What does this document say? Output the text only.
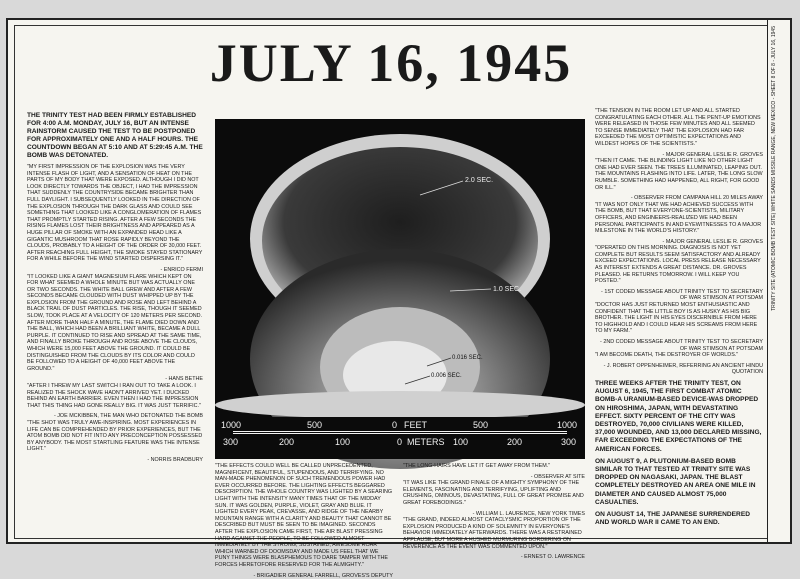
JULY 16, 1945

THE TRINITY TEST HAD BEEN FIRMLY ESTABLISHED FOR 4:00 A.M. MONDAY, JULY 16, BUT AN INTENSE RAINSTORM CAUSED THE TEST TO BE POSTPONED FOR APPROXIMATELY ONE AND A HALF HOURS. THE COUNTDOWN BEGAN AT 5:10 AND AT 5:29:45 A.M. THE BOMB WAS DETONATED.

"MY FIRST IMPRESSION OF THE EXPLOSION WAS THE VERY INTENSE FLASH OF LIGHT, AND A SENSATION OF HEAT ON THE PARTS OF MY BODY THAT WERE EXPOSED. ALTHOUGH I DID NOT LOOK DIRECTLY TOWARDS THE OBJECT, I HAD THE IMPRESSION THAT SUDDENLY THE COUNTRYSIDE BECAME BRIGHTER THAN FULL DAYLIGHT. I SUBSEQUENTLY LOOKED IN THE DIRECTION OF THE EXPLOSION THROUGH THE DARK GLASS AND COULD SEE SOMETHING THAT LOOKED LIKE A CONGLOMERATION OF FLAMES THAT PROMPTLY STARTED RISING. AFTER A FEW SECONDS THE RISING FLAMES LOST THEIR BRIGHTNESS AND APPEARED AS A HUGE PILLAR OF SMOKE WITH AN EXPANDED HEAD LIKE A GIGANTIC MUSHROOM THAT ROSE RAPIDLY BEYOND THE CLOUDS, PROBABLY TO A HEIGHT OF THE ORDER OF 30,000 FEET. AFTER REACHING FULL HEIGHT, THE SMOKE STAYED STATIONARY FOR A WHILE BEFORE THE WIND STARTED DISPERSING IT."

- ENRICO FERMI

"IT LOOKED LIKE A GIANT MAGNESIUM FLARE WHICH KEPT ON FOR WHAT SEEMED A WHOLE MINUTE BUT WAS ACTUALLY ONE OR TWO SECONDS. THE WHITE BALL GREW AND AFTER A FEW SECONDS BECAME CLOUDED WITH DUST WHIPPED UP BY THE EXPLOSION FROM THE GROUND AND ROSE AND LEFT BEHIND A BLACK TRAIL OF DUST PARTICLES. THE RISE, THOUGH IT SEEMED SLOW, TOOK PLACE AT A VELOCITY OF 120 METERS PER SECOND. AFTER MORE THAN HALF A MINUTE, THE FLAME DIED DOWN AND THE BALL, WHICH HAD BEEN A BRILLIANT WHITE, BECAME A DULL PURPLE. IT CONTINUED TO RISE AND SPREAD AT THE SAME TIME, AND FINALLY BROKE THROUGH AND ROSE ABOVE THE CLOUDS, WHICH WERE 15,000 FEET ABOVE THE GROUND. IT COULD BE DISTINGUISHED FROM THE CLOUDS BY ITS COLOR AND COULD BE FOLLOWED TO A HEIGHT OF 40,000 FEET ABOVE THE GROUND."

- HANS BETHE

"AFTER I THREW MY LAST SWITCH I RAN OUT TO TAKE A LOOK. I REALIZED THE SHOCK WAVE HADN'T ARRIVED YET. I DUCKED BEHIND AN EARTH BARRIER. EVEN THEN I HAD THE IMPRESSION THAT THIS THING HAD GONE REALLY BIG. IT WAS JUST TERRIFIC."

- JOE MCKIBBEN, THE MAN WHO DETONATED THE BOMB

"THE SHOT WAS TRULY AWE-INSPIRING. MOST EXPERIENCES IN LIFE CAN BE COMPREHENDED BY PRIOR EXPERIENCES, BUT THE ATOM BOMB DID NOT FIT INTO ANY PRECONCEPTION POSSESSED BY ANYBODY. THE MOST STARTLING FEATURE WAS THE INTENSE LIGHT."

- NORRIS BRADBURY
2.0 SEC.
1.0 SEC.
0.016 SEC.
0.006 SEC.
1000	500	0 FEET	500	1000
300	200	100	0 METERS 100	200	300

"THE EFFECTS COULD WELL BE CALLED UNPRECEDENTED, MAGNIFICENT, BEAUTIFUL, STUPENDOUS, AND TERRIFYING. NO MAN-MADE PHENOMENON OF SUCH TREMENDOUS POWER HAD EVER OCCURRED BEFORE. THE LIGHTING EFFECTS BEGGARED DESCRIPTION. THE WHOLE COUNTRY WAS LIGHTED BY A SEARING LIGHT WITH THE INTENSITY MANY TIMES THAT OF THE MIDDAY SUN. IT WAS GOLDEN, PURPLE, VIOLET, GRAY AND BLUE. IT LIGHTED EVERY PEAK, CREVASSE, AND RIDGE OF THE NEARBY MOUNTAIN RANGE WITH A CLARITY AND BEAUTY THAT CANNOT BE DESCRIBED BUT MUST BE SEEN TO BE IMAGINED. SECONDS AFTER THE EXPLOSION CAME FIRST, THE AIR BLAST PRESSING HARD AGAINST THE PEOPLE, TO BE FOLLOWED ALMOST IMMEDIATELY BY THE STRONG, SUSTAINED, AWESOME ROAR WHICH WARNED OF DOOMSDAY AND MADE US FEEL THAT WE PUNY THINGS WERE BLASPHEMOUS TO DARE TAMPER WITH THE FORCES HERETOFORE RESERVED FOR THE ALMIGHTY."

- BRIGADIER GENERAL FARRELL, GROVES'S DEPUTY

"THE LONG-HAIRS HAVE LET IT GET AWAY FROM THEM."

- OBSERVER AT SITE

"IT WAS LIKE THE GRAND FINALE OF A MIGHTY SYMPHONY OF THE ELEMENTS, FASCINATING AND TERRIFYING, UPLIFTING AND CRUSHING, OMINOUS, DEVASTATING, FULL OF GREAT PROMISE AND GREAT FOREBODINGS."

- WILLIAM L. LAURENCE, NEW YORK TIMES

"THE GRAND, INDEED ALMOST CATACLYSMIC PROPORTION OF THE EXPLOSION PRODUCED A KIND OF SOLEMNITY IN EVERYONE'S BEHAVIOR IMMEDIATELY AFTERWARDS. THERE WAS A RESTRAINED APPLAUSE, BUT MORE A HUSHED MURMURING BORDERING ON REVERENCE AS THE EVENT WAS COMMENTED UPON."

- ERNEST O. LAWRENCE

"THE TENSION IN THE ROOM LET UP AND ALL STARTED CONGRATULATING EACH OTHER. ALL THE PENT-UP EMOTIONS WERE RELEASED IN THOSE FEW MINUTES AND ALL SEEMED TO SENSE IMMEDIATELY THAT THE EXPLOSION HAD FAR EXCEEDED THE MOST OPTIMISTIC EXPECTATIONS AND WILDEST HOPES OF THE SCIENTISTS."

- MAJOR GENERAL LESLIE R. GROVES

"THEN IT CAME. THE BLINDING LIGHT LIKE NO OTHER LIGHT ONE HAD EVER SEEN. THE TREES ILLUMINATED, LEAPING OUT. THE MOUNTAINS FLASHING INTO LIFE. LATER, THE LONG SLOW RUMBLE. SOMETHING HAD HAPPENED, ALL RIGHT, FOR GOOD OR ILL."

- OBSERVER FROM CAMPANA HILL 20 MILES AWAY

"IT WAS NOT ONLY THAT WE HAD ACHIEVED SUCCESS WITH THE BOMB, BUT THAT EVERYONE-SCIENTISTS, MILITARY OFFICERS, AND ENGINEERS-REALIZED WE HAD BEEN PERSONAL PARTICIPANTS IN AND EYEWITNESSES TO A MAJOR MILESTONE IN THE WORLD'S HISTORY."

- MAJOR GENERAL LESLIE R. GROVES

"OPERATED ON THIS MORNING. DIAGNOSIS IS NOT YET COMPLETE BUT RESULTS SEEM SATISFACTORY AND ALREADY EXCEED EXPECTATIONS. LOCAL PRESS RELEASE NECESSARY AS INTEREST EXTENDS A GREAT DISTANCE. DR. GROVES PLEASED. HE RETURNS TOMORROW. I WILL KEEP YOU POSTED."

- 1ST CODED MESSAGE ABOUT TRINITY TEST TO SECRETARY OF WAR STIMSON AT POTSDAM

"DOCTOR HAS JUST RETURNED MOST ENTHUSIASTIC AND CONFIDENT THAT THE LITTLE BOY IS AS HUSKY AS HIS BIG BROTHER. THE LIGHT IN HIS EYES DISCERNIBLE FROM HERE TO HIGHHOLD AND I COULD HEAR HIS SCREAMS FROM HERE TO MY FARM."

- 2ND CODED MESSAGE ABOUT TRINITY TEST TO SECRETARY OF WAR STIMSON AT POTSDAM

"I AM BECOME DEATH, THE DESTROYER OF WORLDS."

- J. ROBERT OPPENHEIMER, REFERRING AN ANCIENT HINDU QUOTATION

THREE WEEKS AFTER THE TRINITY TEST, ON AUGUST 6, 1945, THE FIRST COMBAT ATOMIC BOMB-A URANIUM-BASED DEVICE-WAS DROPPED ON HIROSHIMA, JAPAN, WITH DEVASTATING EFFECT. SIXTY PERCENT OF THE CITY WAS DESTROYED, 70,000 CIVILIANS WERE KILLED, 37,000 WOUNDED, AND 13,000 DECLARED MISSING, FAR EXCEEDING THE EXPECTATIONS OF THE AMERICAN FORCES.

ON AUGUST 9, A PLUTONIUM-BASED BOMB SIMILAR TO THAT TESTED AT TRINITY SITE WAS DROPPED ON NAGASAKI, JAPAN. THE BLAST COMPLETELY DESTROYED AN AREA ONE MILE IN DIAMETER AND CAUSED ALMOST 75,000 CASUALTIES.

ON AUGUST 14, THE JAPANESE SURRENDERED AND WORLD WAR II CAME TO AN END.

TRINITY SITE (ATOMIC BOMB TEST SITE) WHITE SANDS MISSILE RANGE, NEW MEXICO - SHEET 8 OF 8 - JULY 16, 1945
